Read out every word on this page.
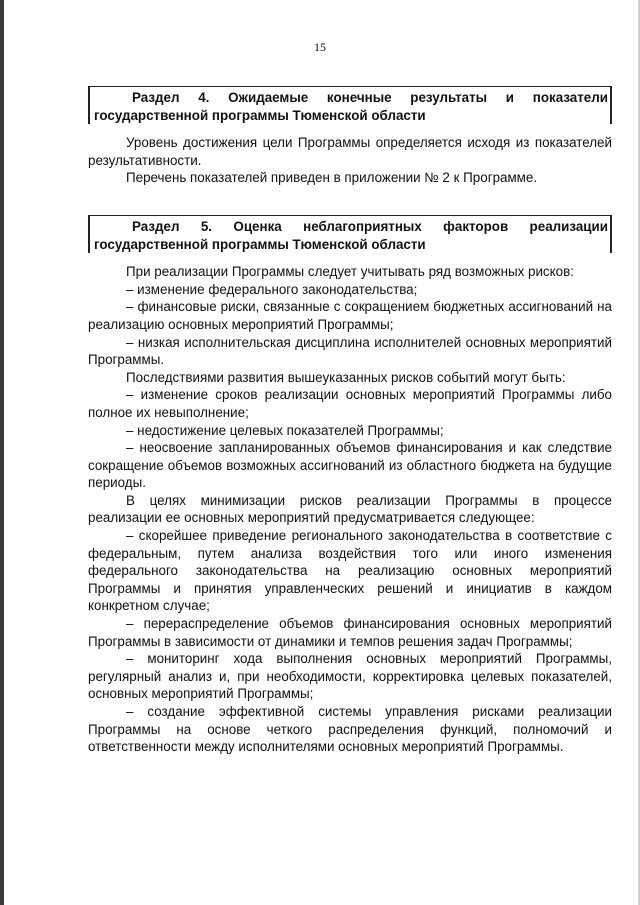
15
Раздел 4. Ожидаемые конечные результаты и показатели
государственной программы Тюменской области

Уровень достижения цели Программы определяется исходя из показателей результативности.

Перечень показателей приведен в приложении № 2 к Программе.

Раздел 5. Оценка неблагоприятных факторов реализации
государственной программы Тюменской области

При реализации Программы следует учитывать ряд возможных рисков:

– изменение федерального законодательства;

– финансовые риски, связанные с сокращением бюджетных ассигнований на реализацию основных мероприятий Программы;

– низкая исполнительская дисциплина исполнителей основных мероприятий Программы.

Последствиями развития вышеуказанных рисков событий могут быть:

– изменение сроков реализации основных мероприятий Программы либо полное их невыполнение;

– недостижение целевых показателей Программы;

– неосвоение запланированных объемов финансирования и как следствие сокращение объемов возможных ассигнований из областного бюджета на будущие периоды.

В целях минимизации рисков реализации Программы в процессе реализации ее основных мероприятий предусматривается следующее:

– скорейшее приведение регионального законодательства в соответствие с федеральным, путем анализа воздействия того или иного изменения федерального законодательства на реализацию основных мероприятий Программы и принятия управленческих решений и инициатив в каждом конкретном случае;

– перераспределение объемов финансирования основных мероприятий Программы в зависимости от динамики и темпов решения задач Программы;

– мониторинг хода выполнения основных мероприятий Программы, регулярный анализ и, при необходимости, корректировка целевых показателей, основных мероприятий Программы;

– создание эффективной системы управления рисками реализации Программы на основе четкого распределения функций, полномочий и ответственности между исполнителями основных мероприятий Программы.
